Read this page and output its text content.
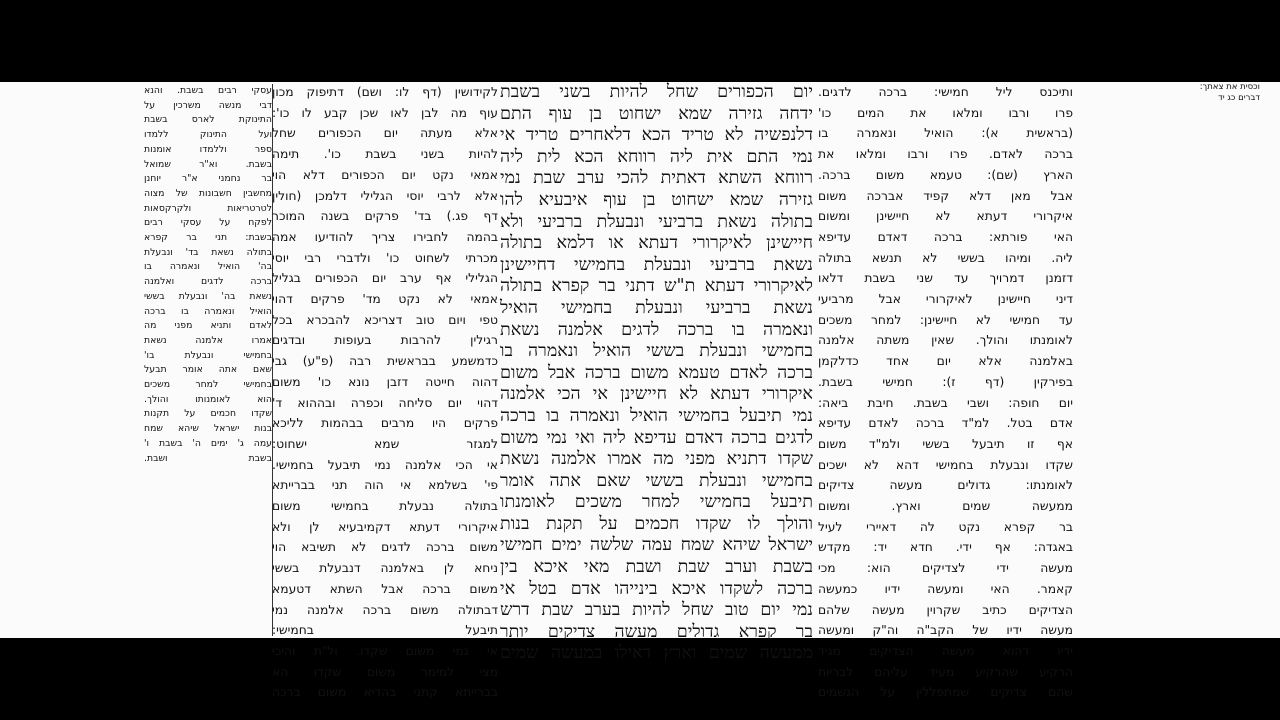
עסקי רבים בשבת. והנא
דבי מנשה משרכין על
התינוקת לארס בשבת
ועל התינוק ללמדו
ספר וללמדו אומנות
בשבת. וא"ר שמואל
בר נחמני א"ר יוחנן
מחשבין חשבונות של מצוה
לטרטריאות ולקרקסאות
לפקח על עסקי רבים
בשבת: תני בר קפרא
בתולה נשאת בד' ונבעלת
בה' הואיל ונאמרה בו
ברכה לדגים ואלמנה
נשאת בה' ונבעלת בששי
הואיל ונאמרה בו ברכה
לאדם ותניא מפני מה
אמרו אלמנה נשאת
בחמישי ונבעלת בו'
שאם אתה אומר תבעל
בחמישי למחר משכים
הוא לאומנותו והולך.
שקדו חכמים על תקנות
בנות ישראל שיהא שמח
עמה ג' ימים ה' בשבת ו'
בשבת ושבת.
לקידושין (דף לו: ושם) דתיפוק מכון
עוף מה לבן לאו שכן קבע לו כו':
אלא מעתה יום הכפורים שחל
להיות בשני בשבת כו'. תימה
אמאי נקט יום הכפורים דלא הוי
אלא לרבי יוסי הגלילי דלמכן (חולין
דף פג.) בד' פרקים בשנה המוכר
בהמה לחבירו צריך להודיעו אמה
מכרתי לשחוט כו' ולדברי רבי יוסי
הגלילי אף ערב יום הכפורים בגליל
אמאי לא נקט מד' פרקים דהוי
טפי ויום טוב דצריכא להבכרא בכל
רגילין להרבות בעופות ובדגים
כדמשמע בבראשית רבה (פ"ע) גבי
דהוה חייטה דזבן נונא כו' משום
דהוי יום סליחה וכפרה ובההוא ד'
פרקים היו מרבים בבהמות לליכא
למגזר שמא ישחוט:
אי הכי אלמנה נמי תיבעל בחמישי.
פי' בשלמא אי הוה תני בברייתא
בתולה נבעלת בחמישי משום
איקרורי דעתא דקמיבעיא לן ולא
משום ברכה לדגים לא תשיבא הוי
ניחא לן באלמנה דנבעלת בששי
משום ברכה אבל השתא דטעמא
דבתולה משום ברכה אלמנה נמי
תיבעל בחמישי:
אי נמי משום שקדו. ול"ת והיכי
מצי למימר משום שקדו הא
בברייתא קתני בהדיא משום ברכה
יום הכפורים שחל להיות בשני בשבת
ידחה גזירה שמא ישחוט בן עוף התם
דלנפשיה לא טריד הכא דלאחרים טריד אי
נמי התם אית ליה רווחא הכא לית ליה
רווחא השתא דאתית להכי ערב שבת נמי
גזירה שמא ישחוט בן עוף איבעיא להו
בתולה נשאת ברביעי ונבעלת ברביעי ולא
חיישינן לאיקרורי דעתא או דלמא בתולה
נשאת ברביעי ונבעלת בחמישי דחיישינן
לאיקרורי דעתא ת"ש דתני בר קפרא בתולה
נשאת ברביעי ונבעלת בחמישי הואיל
ונאמרה בו ברכה לדגים אלמנה נשאת
בחמישי ונבעלת בששי הואיל ונאמרה בו
ברכה לאדם טעמא משום ברכה אבל משום
איקרורי דעתא לא חיישינן אי הכי אלמנה
נמי תיבעל בחמישי הואיל ונאמרה בו ברכה
לדגים ברכה דאדם עדיפא ליה ואי נמי משום
שקדו דתניא מפני מה אמרו אלמנה נשאת
בחמישי ונבעלת בששי שאם אתה אומר
תיבעל בחמישי למחר משכים לאומנתו
והולך לו שקדו חכמים על תקנת בנות
ישראל שיהא שמח עמה שלשה ימים חמישי
בשבת וערב שבת ושבת מאי איכא בין
ברכה לשקדו איכא בינייהו אדם בטל אי
נמי יום טוב שחל להיות בערב שבת דרש
בר קפרא גדולים מעשה צדיקים יותר
ממעשה שמים וארץ דאילו במעשה שמים
ותיכנס ליל חמישי: ברכה לדגים.
פרו ורבו ומלאו את המים כו'
(בראשית א): הואיל ונאמרה בו
ברכה לאדם. פרו ורבו ומלאו את
הארץ (שם): טעמא משום ברכה.
אבל מאן דלא קפיד אברכה משום
איקרורי דעתא לא חיישינן ומשום
האי פורתא: ברכה דאדם עדיפא
ליה. ומיהו בששי לא תנשא בתולה
דזמנן דמרויך עד שני בשבת דלאו
דיני חיישינן לאיקרורי אבל מרביעי
עד חמישי לא חיישינן: למחר משכים
לאומנתו והולך. שאין משתה אלמנה
באלמנה אלא יום אחד כדלקמן
בפירקין (דף ז): חמישי בשבת.
יום חופה: ושבי בשבת. חיבת ביאה:
אדם בטל. למ"ד ברכה לאדם עדיפא
אף זו תיבעל בששי ולמ"ד משום
שקדו ונבעלת בחמישי דהא לא ישכים
לאומנתו: גדולים מעשה צדיקים
ממעשה שמים וארץ. ומשום
בר קפרא נקט לה דאיירי לעיל
באגדה: אף ידי. חדא יד: מקדש
מעשה ידי לצדיקים הוא: מכי
קאמר. האי ומעשה ידיו כמעשה
הצדיקים כתיב שקרוין מעשה שלהם
מעשה ידיו של הקב"ה וה"ק ומעשה
ידיו דהוא מעשה הצדיקים מגיד
הרקיע שהרקיע מעיד עליהם לבריות
שהם צדיקים שמתפללין על הגשמים
וכסית את צאתך:
דברים כג יד
